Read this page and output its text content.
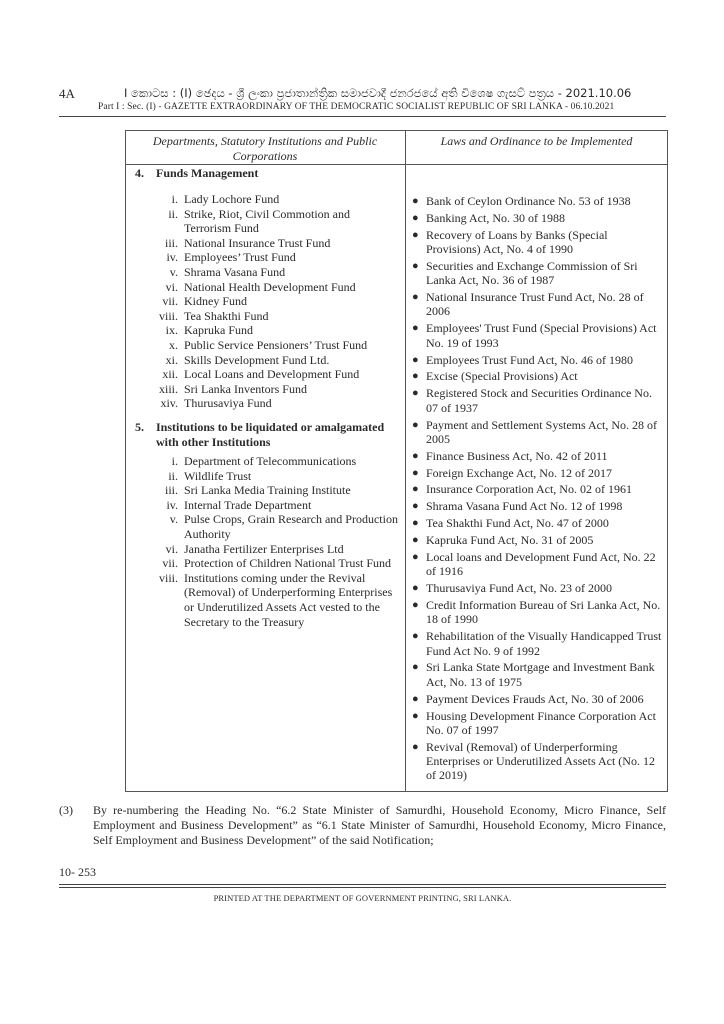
4A	I කොටස : (I) ඡෙදය - ශ්‍රී ලංකා ප්‍රජාතාන්ත්‍රික සමාජවාදී ජනරජයේ අති විශෙෂ ගැසට් පත්‍රය - 2021.10.06
Part I : Sec. (I) - GAZETTE EXTRAORDINARY OF THE DEMOCRATIC SOCIALIST REPUBLIC OF SRI LANKA - 06.10.2021
Departments, Statutory Institutions and Public Corporations
Laws and Ordinance to be Implemented
4. Funds Management
i. Lady Lochore Fund
ii. Strike, Riot, Civil Commotion and Terrorism Fund
iii. National Insurance Trust Fund
iv. Employees’ Trust Fund
v. Shrama Vasana Fund
vi. National Health Development Fund
vii. Kidney Fund
viii. Tea Shakthi Fund
ix. Kapruka Fund
x. Public Service Pensioners’ Trust Fund
xi. Skills Development Fund Ltd.
xii. Local Loans and Development Fund
xiii. Sri Lanka Inventors Fund
xiv. Thurusaviya Fund
5. Institutions to be liquidated or amalgamated with other Institutions
i. Department of Telecommunications
ii. Wildlife Trust
iii. Sri Lanka Media Training Institute
iv. Internal Trade Department
v. Pulse Crops, Grain Research and Production Authority
vi. Janatha Fertilizer Enterprises Ltd
vii. Protection of Children National Trust Fund
viii. Institutions coming under the Revival (Removal) of Underperforming Enterprises or Underutilized Assets Act vested to the Secretary to the Treasury
● Bank of Ceylon Ordinance No. 53 of 1938
● Banking Act, No. 30 of 1988
● Recovery of Loans by Banks (Special Provisions) Act, No. 4 of 1990
● Securities and Exchange Commission of Sri Lanka Act, No. 36 of 1987
● National Insurance Trust Fund Act, No. 28 of 2006
● Employees' Trust Fund (Special Provisions) Act No. 19 of 1993
● Employees Trust Fund Act, No. 46 of 1980
● Excise (Special Provisions) Act
● Registered Stock and Securities Ordinance No. 07 of 1937
● Payment and Settlement Systems Act, No. 28 of 2005
● Finance Business Act, No. 42 of 2011
● Foreign Exchange Act, No. 12 of 2017
● Insurance Corporation Act, No. 02 of 1961
● Shrama Vasana Fund Act No. 12 of 1998
● Tea Shakthi Fund Act, No. 47 of 2000
● Kapruka Fund Act, No. 31 of 2005
● Local loans and Development Fund Act, No. 22 of 1916
● Thurusaviya Fund Act, No. 23 of 2000
● Credit Information Bureau of Sri Lanka Act, No. 18 of 1990
● Rehabilitation of the Visually Handicapped Trust Fund Act No. 9 of 1992
● Sri Lanka State Mortgage and Investment Bank Act, No. 13 of 1975
● Payment Devices Frauds Act, No. 30 of 2006
● Housing Development Finance Corporation Act No. 07 of 1997
● Revival (Removal) of Underperforming Enterprises or Underutilized Assets Act (No. 12 of 2019)
(3) By re-numbering the Heading No. “6.2 State Minister of Samurdhi, Household Economy, Micro Finance, Self Employment and Business Development” as “6.1 State Minister of Samurdhi, Household Economy, Micro Finance, Self Employment and Business Development” of the said Notification;
10- 253
PRINTED AT THE DEPARTMENT OF GOVERNMENT PRINTING, SRI LANKA.
